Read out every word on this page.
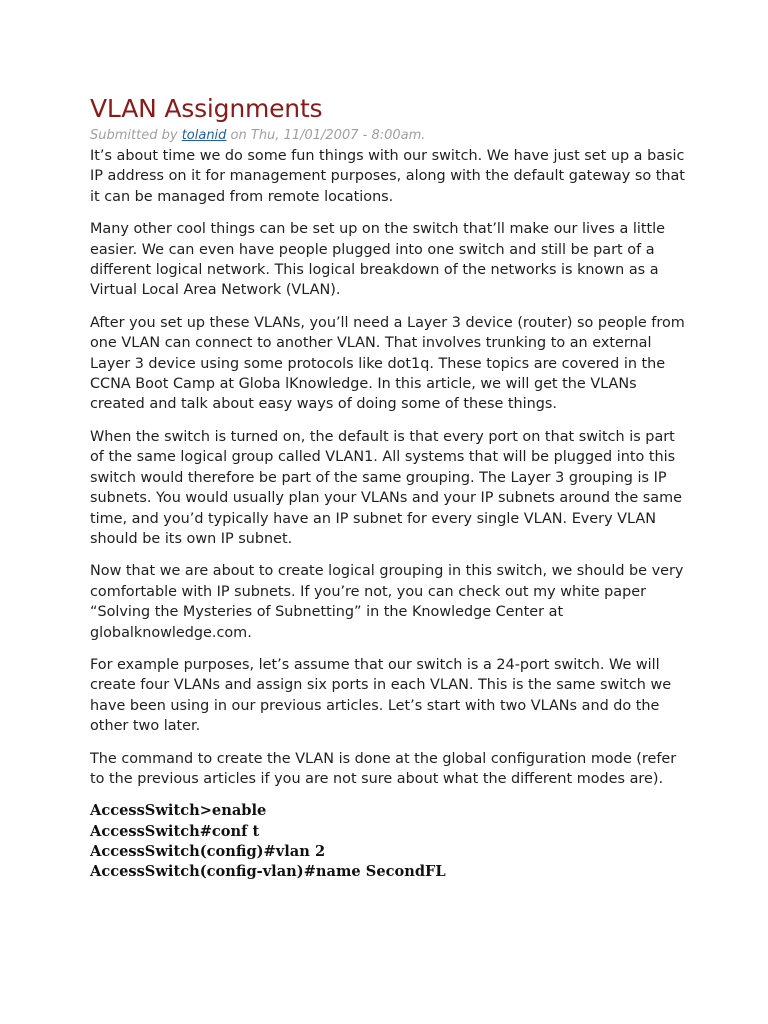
VLAN Assignments
Submitted by tolanid on Thu, 11/01/2007 - 8:00am.

It’s about time we do some fun things with our switch. We have just set up a basic IP address on it for management purposes, along with the default gateway so that it can be managed from remote locations.

Many other cool things can be set up on the switch that’ll make our lives a little easier. We can even have people plugged into one switch and still be part of a different logical network. This logical breakdown of the networks is known as a Virtual Local Area Network (VLAN).

After you set up these VLANs, you’ll need a Layer 3 device (router) so people from one VLAN can connect to another VLAN. That involves trunking to an external Layer 3 device using some protocols like dot1q. These topics are covered in the CCNA Boot Camp at Globa lKnowledge. In this article, we will get the VLANs created and talk about easy ways of doing some of these things.

When the switch is turned on, the default is that every port on that switch is part of the same logical group called VLAN1. All systems that will be plugged into this switch would therefore be part of the same grouping. The Layer 3 grouping is IP subnets. You would usually plan your VLANs and your IP subnets around the same time, and you’d typically have an IP subnet for every single VLAN. Every VLAN should be its own IP subnet.

Now that we are about to create logical grouping in this switch, we should be very comfortable with IP subnets. If you’re not, you can check out my white paper “Solving the Mysteries of Subnetting” in the Knowledge Center at globalknowledge.com.

For example purposes, let’s assume that our switch is a 24-port switch. We will create four VLANs and assign six ports in each VLAN. This is the same switch we have been using in our previous articles. Let’s start with two VLANs and do the other two later.

The command to create the VLAN is done at the global configuration mode (refer to the previous articles if you are not sure about what the different modes are).

AccessSwitch>enable
AccessSwitch#conf t
AccessSwitch(config)#vlan 2
AccessSwitch(config-vlan)#name SecondFL
